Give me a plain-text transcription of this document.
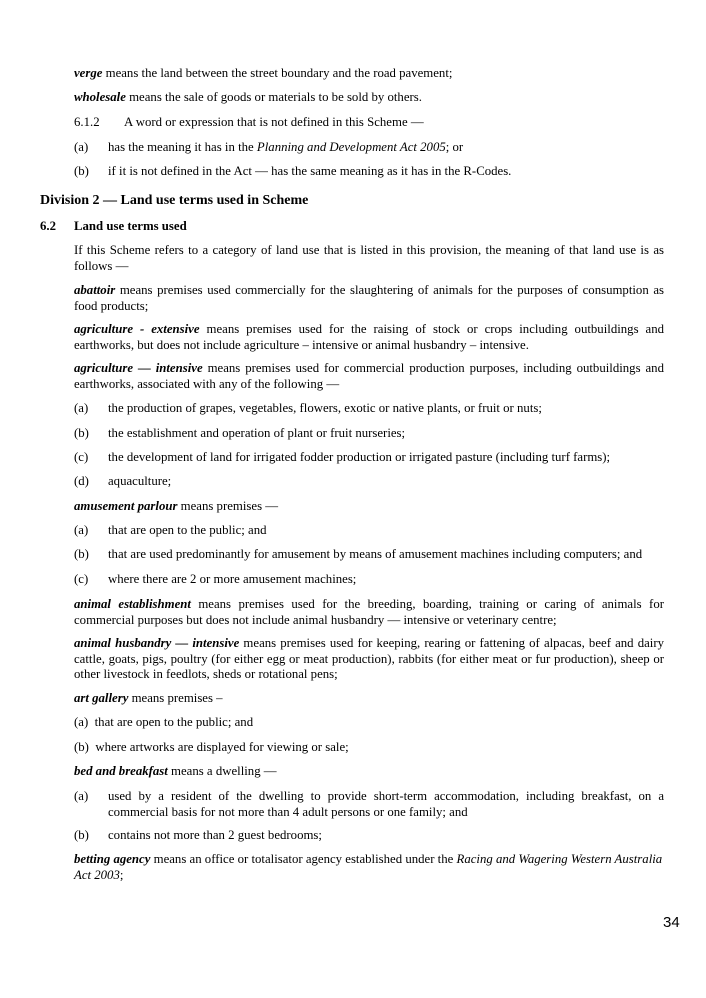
verge means the land between the street boundary and the road pavement;

wholesale means the sale of goods or materials to be sold by others.

6.1.2 A word or expression that is not defined in this Scheme —
(a) has the meaning it has in the Planning and Development Act 2005; or
(b) if it is not defined in the Act — has the same meaning as it has in the R-Codes.
Division 2 — Land use terms used in Scheme
6.2 Land use terms used

If this Scheme refers to a category of land use that is listed in this provision, the meaning of that land use is as follows —

abattoir means premises used commercially for the slaughtering of animals for the purposes of consumption as food products;

agriculture - extensive means premises used for the raising of stock or crops including outbuildings and earthworks, but does not include agriculture – intensive or animal husbandry – intensive.

agriculture — intensive means premises used for commercial production purposes, including outbuildings and earthworks, associated with any of the following —

(a) the production of grapes, vegetables, flowers, exotic or native plants, or fruit or nuts;
(b) the establishment and operation of plant or fruit nurseries;
(c) the development of land for irrigated fodder production or irrigated pasture (including turf farms);
(d) aquaculture;

amusement parlour means premises —

(a) that are open to the public; and
(b) that are used predominantly for amusement by means of amusement machines including computers; and
(c) where there are 2 or more amusement machines;

animal establishment means premises used for the breeding, boarding, training or caring of animals for commercial purposes but does not include animal husbandry — intensive or veterinary centre;

animal husbandry — intensive means premises used for keeping, rearing or fattening of alpacas, beef and dairy cattle, goats, pigs, poultry (for either egg or meat production), rabbits (for either meat or fur production), sheep or other livestock in feedlots, sheds or rotational pens;

art gallery means premises –

(a) that are open to the public; and
(b) where artworks are displayed for viewing or sale;

bed and breakfast means a dwelling —

(a) used by a resident of the dwelling to provide short-term accommodation, including breakfast, on a commercial basis for not more than 4 adult persons or one family; and
(b) contains not more than 2 guest bedrooms;

betting agency means an office or totalisator agency established under the Racing and Wagering Western Australia Act 2003;

34
